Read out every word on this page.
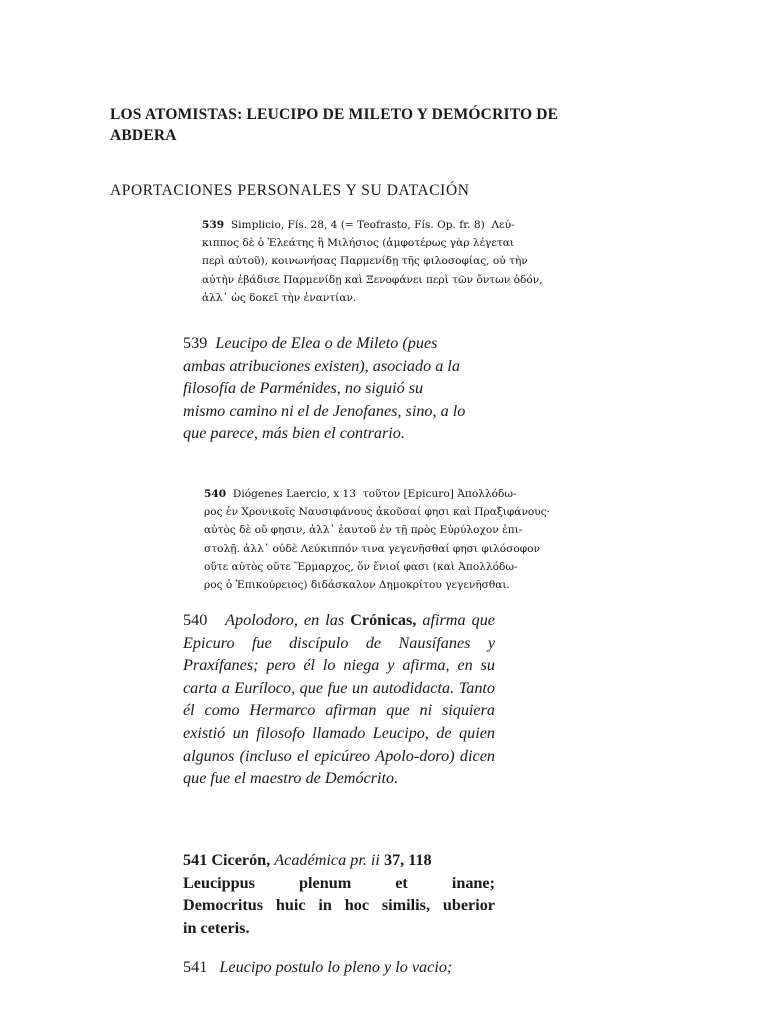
LOS ATOMISTAS: LEUCIPO DE MILETO Y DEMÓCRITO DE ABDERA
APORTACIONES PERSONALES Y SU DATACIÓN

539 Simplicio, Fís. 28, 4 (= Teofrasto, Fís. Op. fr. 8) Λεύ-

κιππος δὲ ὁ Ἐλεάτης ἢ Μιλήσιος (ἀμφοτέρως γὰρ λέγεται

περὶ αὐτοῦ), κοινωνήσας Παρμενίδῃ τῆς φιλοσοφίας, οὐ τὴν

αὐτὴν ἐβάδισε Παρμενίδῃ καὶ Ξενοφάνει περὶ τῶν ὄντων ὁδόν,

ἀλλ᾽ ὡς δοκεῖ τὴν ἐναντίαν.

539 Leucipo de Elea o de Mileto (pues

ambas atribuciones existen), asociado a la

filosofía de Parménides, no siguió su

mismo camino ni el de Jenofanes, sino, a lo

que parece, más bien el contrario.

540 Diógenes Laercio, x 13 τοῦτον [Epicuro] Ἀπολλόδω-

ρος ἐν Χρονικοῖς Ναυσιφάνους ἀκοῦσαί φησι καὶ Πραξιφάνους·

αὐτὸς δὲ οὔ φησιν, ἀλλ᾽ ἑαυτοῦ ἐν τῇ πρὸς Εὐρύλοχον ἐπι-

στολῇ. ἀλλ᾽ οὐδὲ Λεύκιππόν τινα γεγενῆσθαί φησι φιλόσοφον

οὔτε αὐτὸς οὔτε Ἕρμαρχος, ὅν ἔνιοί φασι (καὶ Ἀπολλόδω-

ρος ὁ Ἐπικούρειος) διδάσκαλον Δημοκρίτου γεγενῆσθαι.

540 Apolodoro, en las Crónicas, afirma que Epicuro fue discípulo de Nausífanes y Praxífanes; pero él lo niega y afirma, en su carta a Euríloco, que fue un autodidacta. Tanto él como Hermarco afirman que ni siquiera existió un filosofo llamado Leucipo, de quien algunos (incluso el epicúreo Apolo-doro) dicen que fue el maestro de Demócrito.
541 Cicerón, Académica pr. ii 37, 118

Leucippus plenum et inane;

Democritus huic in hoc similis, uberior

in ceteris.

541 Leucipo postulo lo pleno y lo vacio;
